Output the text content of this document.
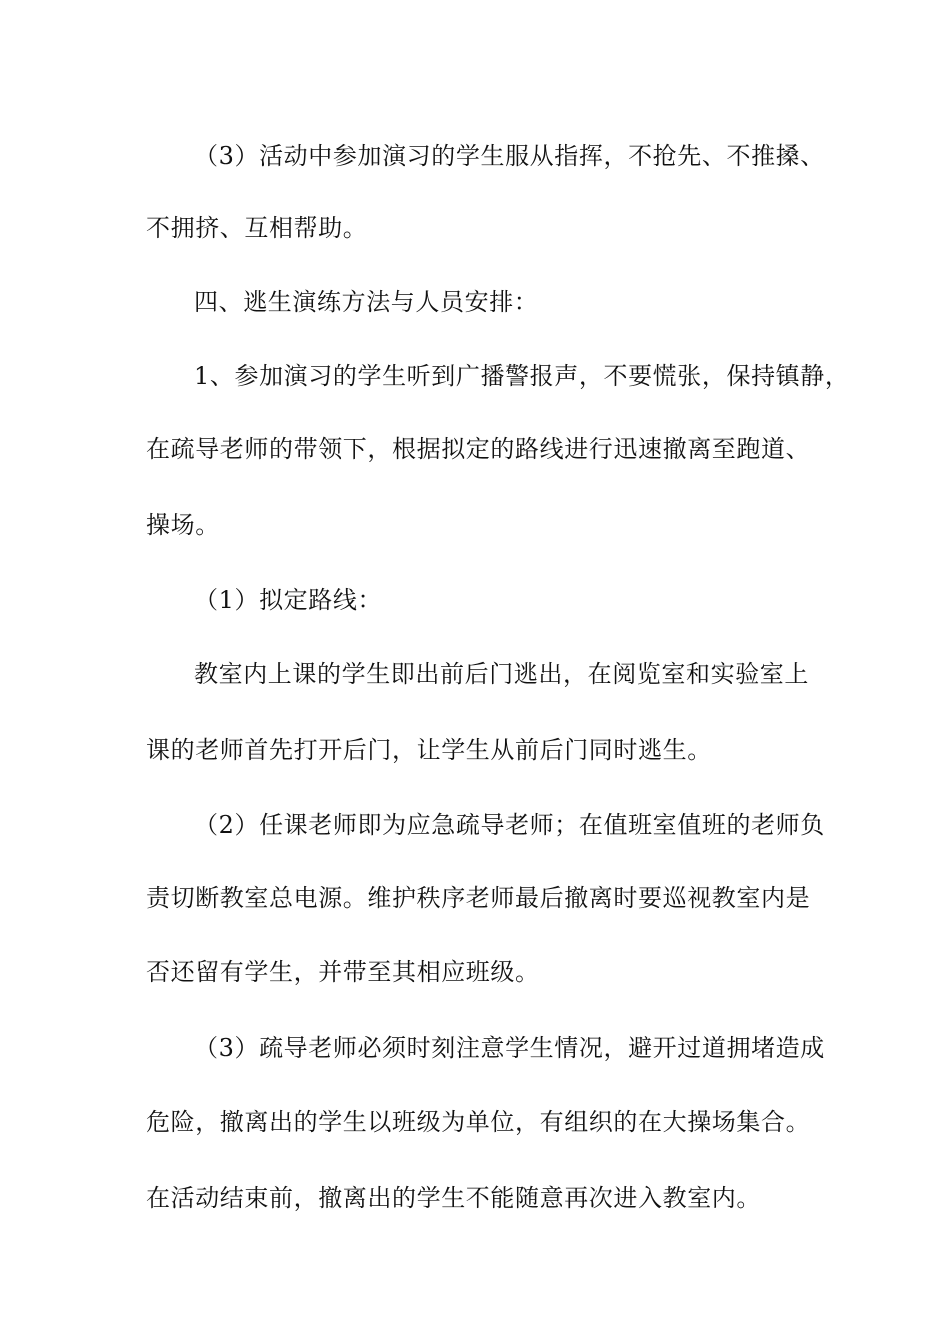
（3）活动中参加演习的学生服从指挥，不抢先、不推搡、
不拥挤、互相帮助。
四、逃生演练方法与人员安排：
1、参加演习的学生听到广播警报声，不要慌张，保持镇静，
在疏导老师的带领下，根据拟定的路线进行迅速撤离至跑道、
操场。
（1）拟定路线：
教室内上课的学生即出前后门逃出，在阅览室和实验室上
课的老师首先打开后门，让学生从前后门同时逃生。
（2）任课老师即为应急疏导老师；在值班室值班的老师负
责切断教室总电源。维护秩序老师最后撤离时要巡视教室内是
否还留有学生，并带至其相应班级。
（3）疏导老师必须时刻注意学生情况，避开过道拥堵造成
危险，撤离出的学生以班级为单位，有组织的在大操场集合。
在活动结束前，撤离出的学生不能随意再次进入教室内。
